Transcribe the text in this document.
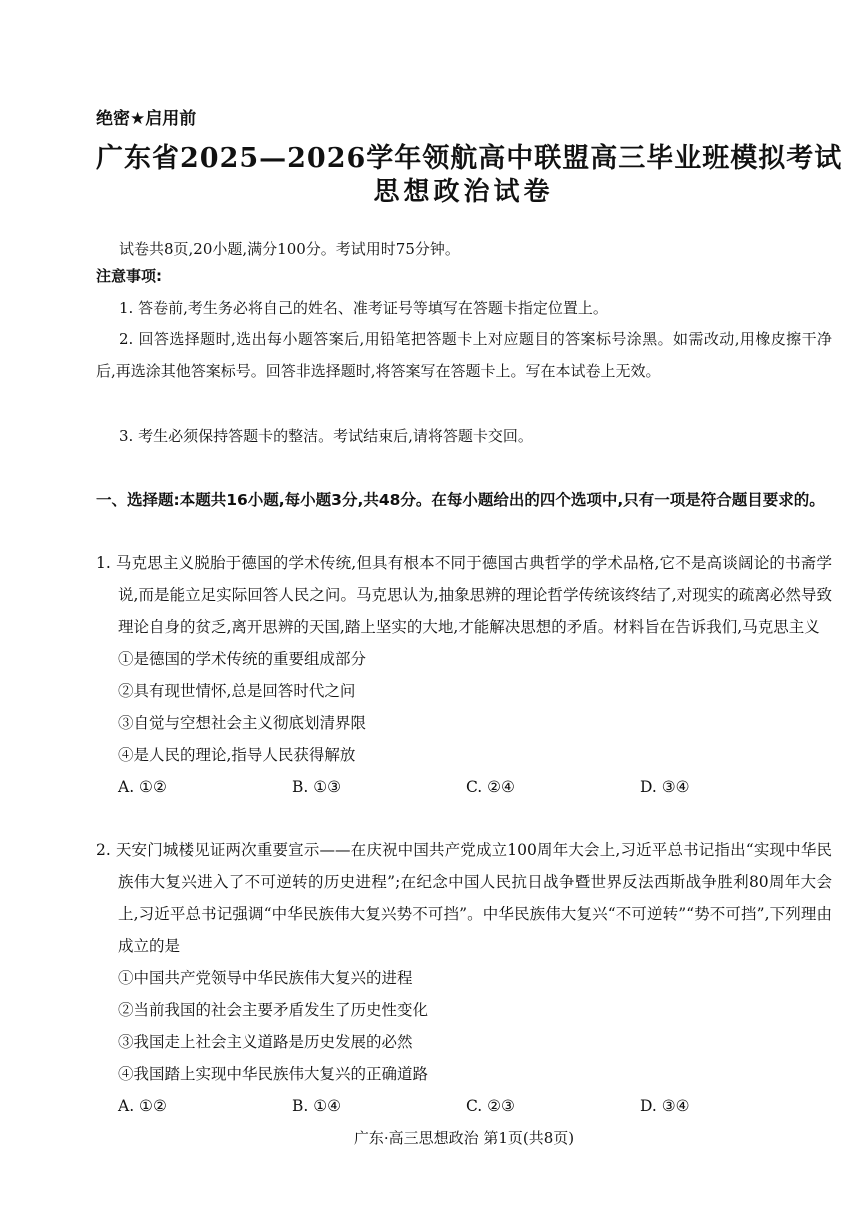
绝密★启用前

广东省2025—2026学年领航高中联盟高三毕业班模拟考试
思想政治试卷

试卷共8页,20小题,满分100分。考试用时75分钟。

注意事项:

1. 答卷前,考生务必将自己的姓名、准考证号等填写在答题卡指定位置上。

2. 回答选择题时,选出每小题答案后,用铅笔把答题卡上对应题目的答案标号涂黑。如需改动,用橡皮擦干净后,再选涂其他答案标号。回答非选择题时,将答案写在答题卡上。写在本试卷上无效。

3. 考生必须保持答题卡的整洁。考试结束后,请将答题卡交回。

一、选择题:本题共16小题,每小题3分,共48分。在每小题给出的四个选项中,只有一项是符合题目要求的。

1. 马克思主义脱胎于德国的学术传统,但具有根本不同于德国古典哲学的学术品格,它不是高谈阔论的书斋学说,而是能立足实际回答人民之问。马克思认为,抽象思辨的理论哲学传统该终结了,对现实的疏离必然导致理论自身的贫乏,离开思辨的天国,踏上坚实的大地,才能解决思想的矛盾。材料旨在告诉我们,马克思主义

①是德国的学术传统的重要组成部分

②具有现世情怀,总是回答时代之问

③自觉与空想社会主义彻底划清界限

④是人民的理论,指导人民获得解放

A. ①②	B. ①③	C. ②④	D. ③④

2. 天安门城楼见证两次重要宣示——在庆祝中国共产党成立100周年大会上,习近平总书记指出“实现中华民族伟大复兴进入了不可逆转的历史进程”;在纪念中国人民抗日战争暨世界反法西斯战争胜利80周年大会上,习近平总书记强调“中华民族伟大复兴势不可挡”。中华民族伟大复兴“不可逆转”“势不可挡”,下列理由成立的是

①中国共产党领导中华民族伟大复兴的进程

②当前我国的社会主要矛盾发生了历史性变化

③我国走上社会主义道路是历史发展的必然

④我国踏上实现中华民族伟大复兴的正确道路

A. ①②	B. ①④	C. ②③	D. ③④

广东·高三思想政治 第1页(共8页)
